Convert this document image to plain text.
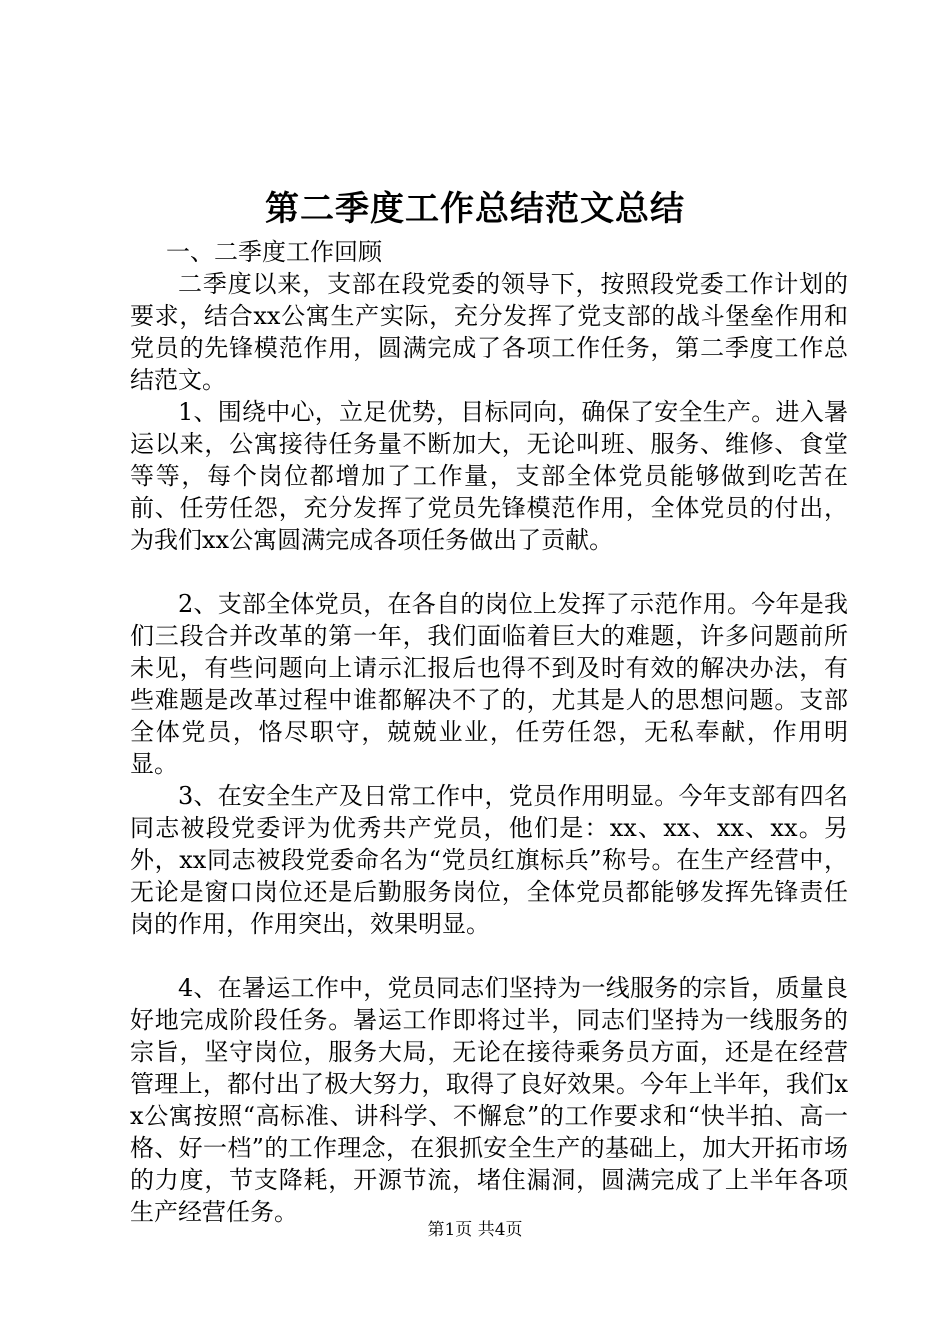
第二季度工作总结范文总结

一、二季度工作回顾

二季度以来，支部在段党委的领导下，按照段党委工作计划的要求，结合xx公寓生产实际，充分发挥了党支部的战斗堡垒作用和党员的先锋模范作用，圆满完成了各项工作任务，第二季度工作总结范文。

1、围绕中心，立足优势，目标同向，确保了安全生产。进入暑运以来，公寓接待任务量不断加大，无论叫班、服务、维修、食堂等等，每个岗位都增加了工作量，支部全体党员能够做到吃苦在前、任劳任怨，充分发挥了党员先锋模范作用，全体党员的付出，为我们xx公寓圆满完成各项任务做出了贡献。

2、支部全体党员，在各自的岗位上发挥了示范作用。今年是我们三段合并改革的第一年，我们面临着巨大的难题，许多问题前所未见，有些问题向上请示汇报后也得不到及时有效的解决办法，有些难题是改革过程中谁都解决不了的，尤其是人的思想问题。支部全体党员，恪尽职守，兢兢业业，任劳任怨，无私奉献，作用明显。

3、在安全生产及日常工作中，党员作用明显。今年支部有四名同志被段党委评为优秀共产党员，他们是：xx、xx、xx、xx。另外，xx同志被段党委命名为“党员红旗标兵”称号。在生产经营中，无论是窗口岗位还是后勤服务岗位，全体党员都能够发挥先锋责任岗的作用，作用突出，效果明显。

4、在暑运工作中，党员同志们坚持为一线服务的宗旨，质量良好地完成阶段任务。暑运工作即将过半，同志们坚持为一线服务的宗旨，坚守岗位，服务大局，无论在接待乘务员方面，还是在经营管理上，都付出了极大努力，取得了良好效果。今年上半年，我们xx公寓按照“高标准、讲科学、不懈怠”的工作要求和“快半拍、高一格、好一档”的工作理念，在狠抓安全生产的基础上，加大开拓市场的力度，节支降耗，开源节流，堵住漏洞，圆满完成了上半年各项生产经营任务。

第1页 共4页
